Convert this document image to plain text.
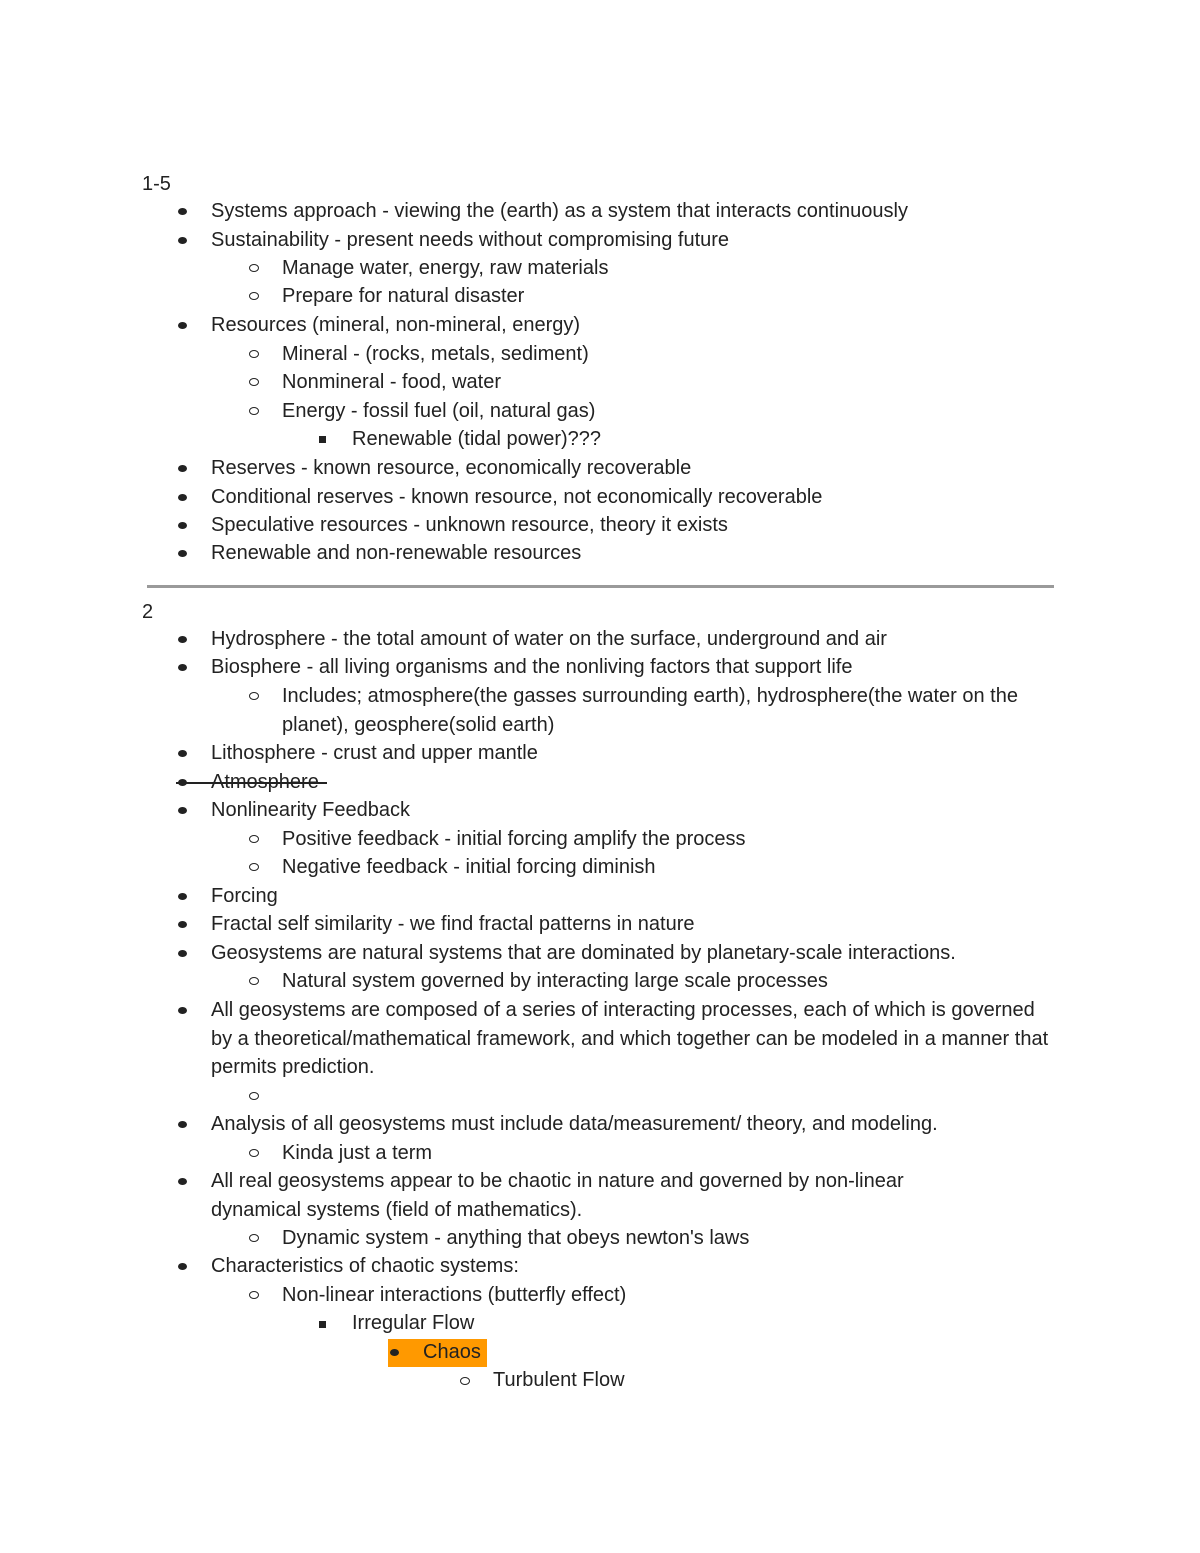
1-5
Systems approach - viewing the (earth) as a system that interacts continuously
Sustainability - present needs without compromising future
Manage water, energy, raw materials
Prepare for natural disaster
Resources (mineral, non-mineral, energy)
Mineral - (rocks, metals, sediment)
Nonmineral - food, water
Energy - fossil fuel (oil, natural gas)
Renewable (tidal power)???
Reserves - known resource, economically recoverable
Conditional reserves - known resource, not economically recoverable
Speculative resources - unknown resource, theory it exists
Renewable and non-renewable resources
2
Hydrosphere - the total amount of water on the surface, underground and air
Biosphere - all living organisms and the nonliving factors that support life
Includes; atmosphere(the gasses surrounding earth), hydrosphere(the water on the planet), geosphere(solid earth)
Lithosphere - crust and upper mantle
Atmosphere
Nonlinearity Feedback
Positive feedback - initial forcing amplify the process
Negative feedback - initial forcing diminish
Forcing
Fractal self similarity - we find fractal patterns in nature
Geosystems are natural systems that are dominated by planetary-scale interactions.
Natural system governed by interacting large scale processes
All geosystems are composed of a series of interacting processes, each of which is governed by a theoretical/mathematical framework, and which together can be modeled in a manner that permits prediction.
Analysis of all geosystems must include data/measurement/ theory, and modeling.
Kinda just a term
All real geosystems appear to be chaotic in nature and governed by non-linear dynamical systems (field of mathematics).
Dynamic system - anything that obeys newton's laws
Characteristics of chaotic systems:
Non-linear interactions (butterfly effect)
Irregular Flow
Chaos
Turbulent Flow
